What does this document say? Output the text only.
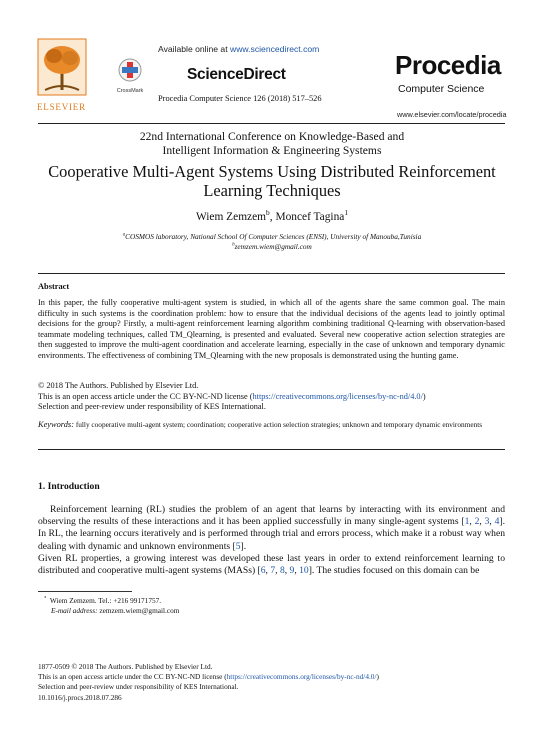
ELSEVIER
Available online at www.sciencedirect.com
CrossMark
ScienceDirect
Procedia Computer Science 126 (2018) 517–526
Procedia
Computer Science
www.elsevier.com/locate/procedia
22nd International Conference on Knowledge-Based and
Intelligent Information & Engineering Systems
Cooperative Multi-Agent Systems Using Distributed Reinforcement
Learning Techniques
Wiem Zemzem$^b$, Moncef Tagina$^1$
$^a$COSMOS laboratory, National School Of Computer Sciences (ENSI), University of Manouba,Tunisia
$^b$zemzem.wiem@gmail.com
Abstract
In this paper, the fully cooperative multi-agent system is studied, in which all of the agents share the same common goal. The main difficulty in such systems is the coordination problem: how to ensure that the individual decisions of the agents lead to jointly optimal decisions for the group? Firstly, a multi-agent reinforcement learning algorithm combining traditional Q-learning with observation-based teammate modeling techniques, called TM_Qlearning, is presented and evaluated. Several new cooperative action selection strategies are then suggested to improve the multi-agent coordination and accelerate learning, especially in the case of unknown and temporary dynamic environments. The effectiveness of combining TM_Qlearning with the new proposals is demonstrated using the hunting game.
© 2018 The Authors. Published by Elsevier Ltd.
This is an open access article under the CC BY-NC-ND license (https://creativecommons.org/licenses/by-nc-nd/4.0/)
Selection and peer-review under responsibility of KES International.
Keywords: fully cooperative multi-agent system; coordination; cooperative action selection strategies; unknown and temporary dynamic environments
1. Introduction

Reinforcement learning (RL) studies the problem of an agent that learns by interacting with its environment and observing the results of these interactions and it has been applied successfully in many single-agent systems [1, 2, 3, 4]. In RL, the learning occurs iteratively and is performed through trial and errors process, which make it a robust way when dealing with dynamic and unknown environments [5].

Given RL properties, a growing interest was developed these last years in order to extend reinforcement learning to distributed and cooperative multi-agent systems (MASs) [6, 7, 8, 9, 10]. The studies focused on this domain can be

* Wiem Zemzem. Tel.: +216 99171757.
E-mail address: zemzem.wiem@gmail.com
1877-0509 © 2018 The Authors. Published by Elsevier Ltd.
This is an open access article under the CC BY-NC-ND license (https://creativecommons.org/licenses/by-nc-nd/4.0/)
Selection and peer-review under responsibility of KES International.
10.1016/j.procs.2018.07.286
